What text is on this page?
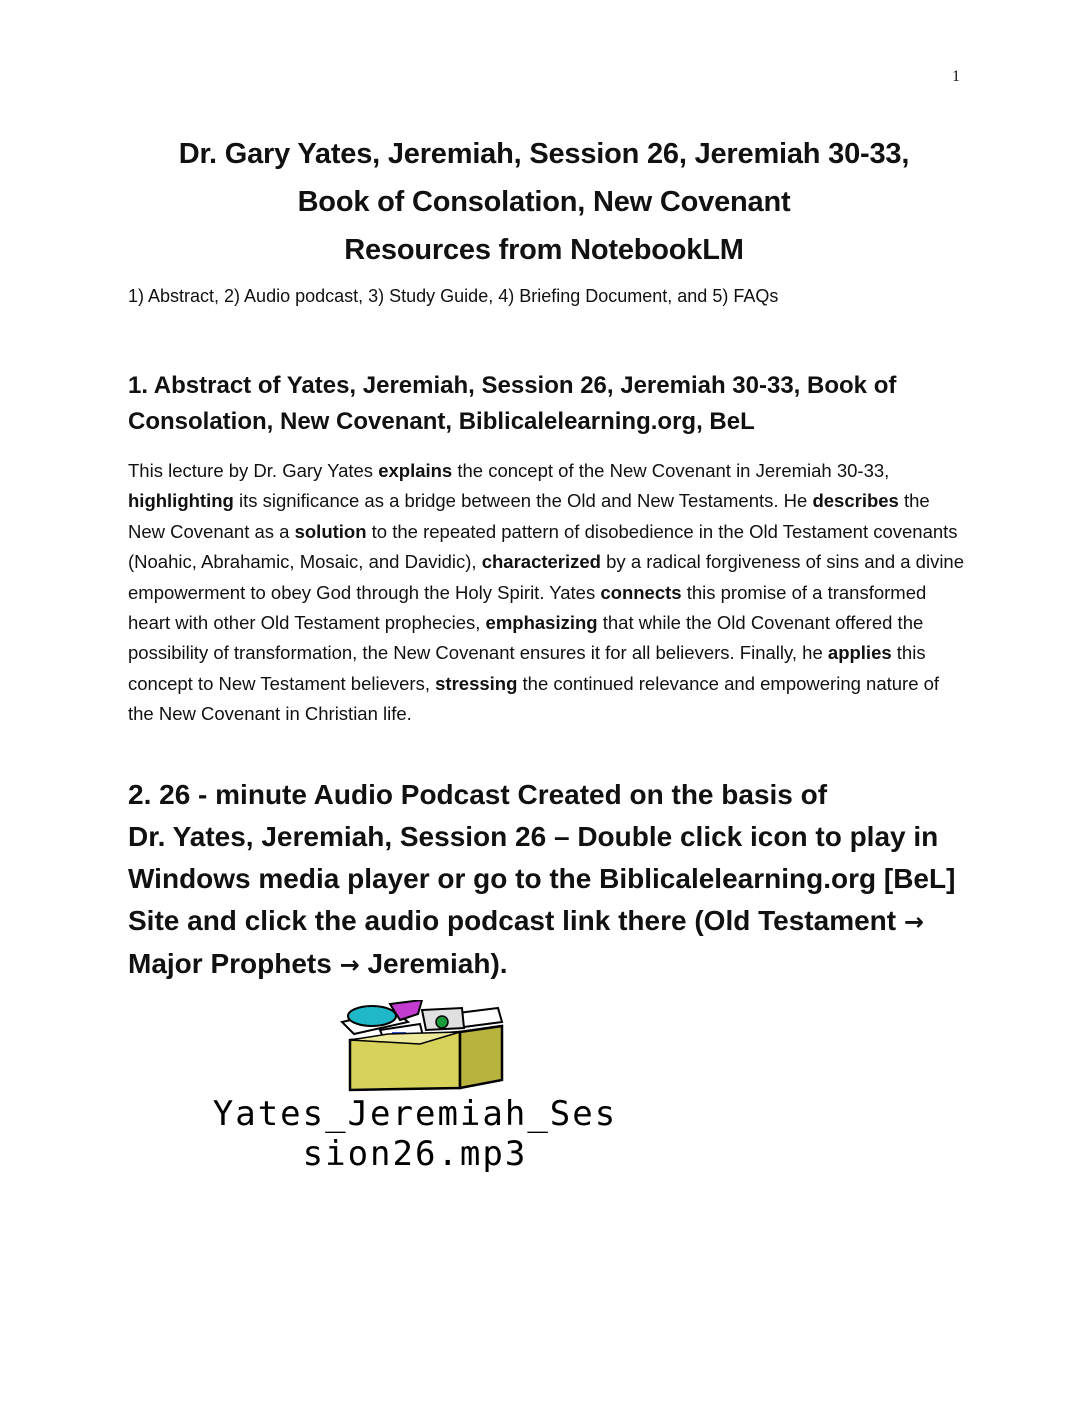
1
Dr. Gary Yates, Jeremiah, Session 26, Jeremiah 30-33,
Book of Consolation, New Covenant
Resources from NotebookLM
1) Abstract, 2) Audio podcast, 3) Study Guide, 4) Briefing Document, and 5) FAQs
1. Abstract of Yates, Jeremiah, Session 26, Jeremiah 30-33, Book of Consolation, New Covenant, Biblicalelearning.org, BeL
This lecture by Dr. Gary Yates explains the concept of the New Covenant in Jeremiah 30-33, highlighting its significance as a bridge between the Old and New Testaments. He describes the New Covenant as a solution to the repeated pattern of disobedience in the Old Testament covenants (Noahic, Abrahamic, Mosaic, and Davidic), characterized by a radical forgiveness of sins and a divine empowerment to obey God through the Holy Spirit. Yates connects this promise of a transformed heart with other Old Testament prophecies, emphasizing that while the Old Covenant offered the possibility of transformation, the New Covenant ensures it for all believers. Finally, he applies this concept to New Testament believers, stressing the continued relevance and empowering nature of the New Covenant in Christian life.
2. 26 - minute Audio Podcast Created on the basis of
Dr. Yates, Jeremiah, Session 26 – Double click icon to play in
Windows media player or go to the Biblicalelearning.org [BeL]
Site and click the audio podcast link there (Old Testament →
Major Prophets → Jeremiah).
Yates_Jeremiah_Ses
sion26.mp3
